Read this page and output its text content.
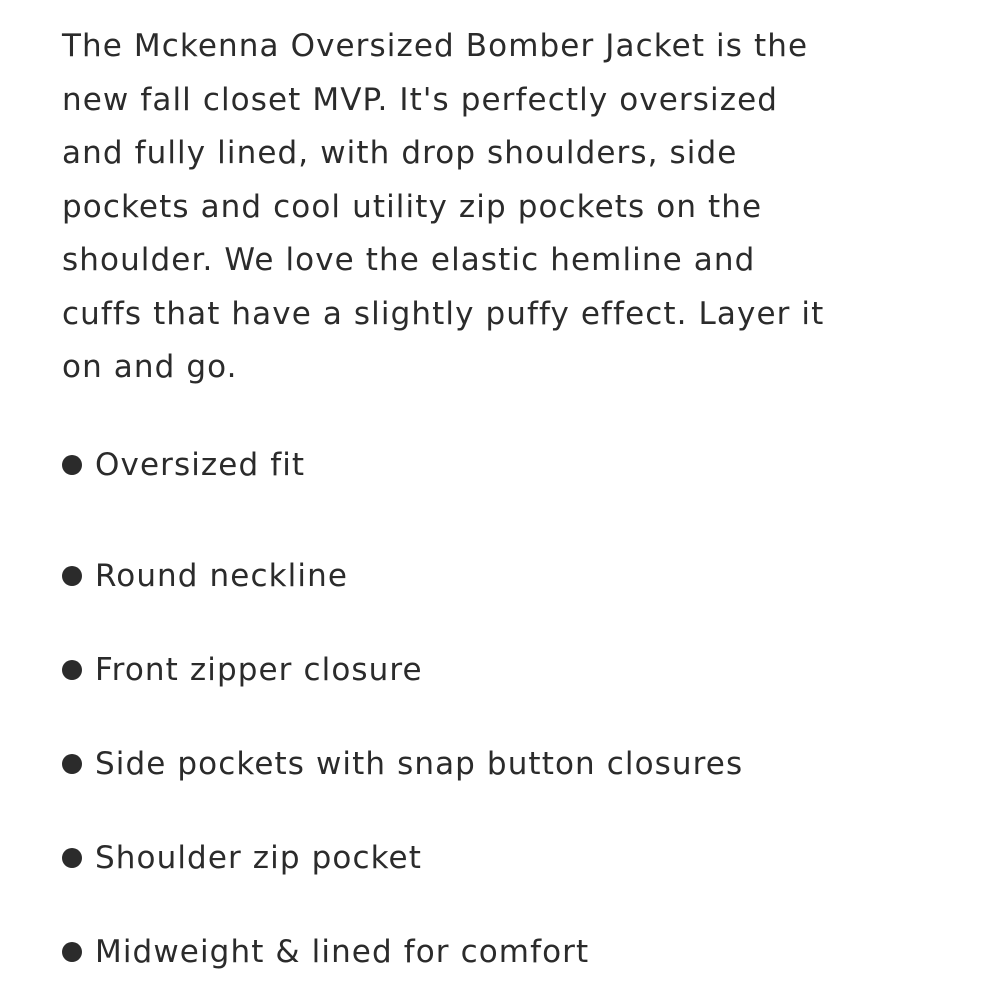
The Mckenna Oversized Bomber Jacket is the
new fall closet MVP. It's perfectly oversized
and fully lined, with drop shoulders, side
pockets and cool utility zip pockets on the
shoulder. We love the elastic hemline and
cuffs that have a slightly puffy effect. Layer it
on and go.

Oversized fit
Round neckline
Front zipper closure
Side pockets with snap button closures
Shoulder zip pocket
Midweight & lined for comfort
